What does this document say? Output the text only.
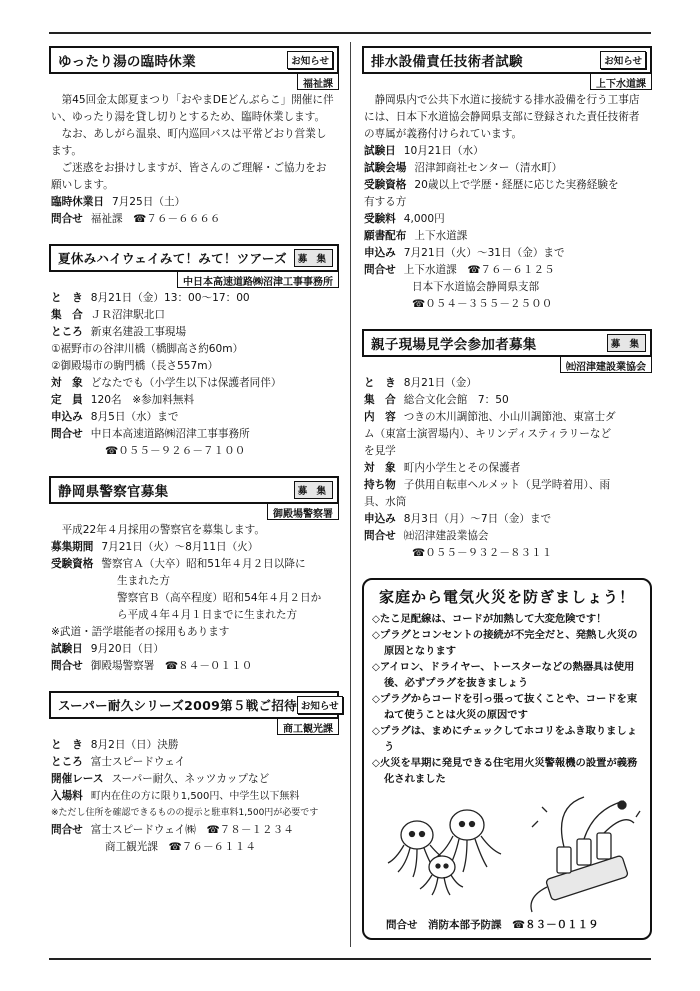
ゆったり湯の臨時休業	お知らせ
福祉課

第45回金太郎夏まつり「おやまDEどんぶらこ」開催に伴い、ゆったり湯を貸し切りとするため、臨時休業します。

なお、あしがら温泉、町内巡回バスは平常どおり営業します。

ご迷惑をお掛けしますが、皆さんのご理解・ご協力をお願いします。

臨時休業日 7月25日（土）
問合せ 福祉課　☎７６－６６６６
夏休みハイウェイみて！みて！ツアーズ	募 集
中日本高速道路㈱沼津工事事務所
と　き 8月21日（金）13：00～17：00
集　合 ＪＲ沼津駅北口
ところ 新東名建設工事現場
①裾野市の谷津川橋（橋脚高さ約60m）
②御殿場市の駒門橋（長さ557m）
対　象 どなたでも（小学生以下は保護者同伴）
定　員 120名　※参加料無料
申込み 8月5日（水）まで
問合せ 中日本高速道路㈱沼津工事事務所
☎０５５－９２６－７１００
静岡県警察官募集	募 集
御殿場警察署

平成22年４月採用の警察官を募集します。

募集期間 7月21日（火）～8月11日（火）
受験資格 警察官Ａ（大卒）昭和51年４月２日以降に
生まれた方
警察官Ｂ（高卒程度）昭和54年４月２日か
ら平成４年４月１日までに生まれた方
※武道・語学堪能者の採用もあります
試験日 9月20日（日）
問合せ 御殿場警察署　☎８４－０１１０
スーパー耐久シリーズ2009第５戦ご招待 お知らせ
商工観光課
と　き 8月2日（日）決勝
ところ 富士スピードウェイ
開催レース スーパー耐久、ネッツカップなど
入場料 町内在住の方に限り1,500円、中学生以下無料
※ただし住所を確認できるものの提示と駐車料1,500円が必要です
問合せ 富士スピードウェイ㈱　☎７８－１２３４
商工観光課　☎７６－６１１４
排水設備責任技術者試験	お知らせ
上下水道課

静岡県内で公共下水道に接続する排水設備を行う工事店には、日本下水道協会静岡県支部に登録された責任技術者の専属が義務付けられています。

試験日 10月21日（水）
試験会場 沼津卸商社センター（清水町）
受験資格 20歳以上で学歴・経歴に応じた実務経験を
有する方
受験料 4,000円
願書配布 上下水道課
申込み 7月21日（火）～31日（金）まで
問合せ 上下水道課　☎７６－６１２５
日本下水道協会静岡県支部
☎０５４－３５５－２５００
親子現場見学会参加者募集	募 集
㈳沼津建設業協会
と　き 8月21日（金）
集　合 総合文化会館　7：50
内　容 つきの木川調節池、小山川調節池、東富士ダ
ム（東富士演習場内）、キリンディスティラリーなど
を見学
対　象 町内小学生とその保護者
持ち物 子供用自転車ヘルメット（見学時着用）、雨
具、水筒
申込み 8月3日（月）～7日（金）まで
問合せ ㈳沼津建設業協会
☎０５５－９３２－８３１１
家庭から電気火災を防ぎましょう！
◇たこ足配線は、コードが加熱して大変危険です！
◇プラグとコンセントの接続が不完全だと、発熱し火災の原因となります
◇アイロン、ドライヤー、トースターなどの熱器具は使用後、必ずプラグを抜きましょう
◇プラグからコードを引っ張って抜くことや、コードを束ねて使うことは火災の原因です
◇プラグは、まめにチェックしてホコリをふき取りましょう
◇火災を早期に発見できる住宅用火災警報機の設置が義務化されました
問合せ　消防本部予防課　☎８３－０１１９
